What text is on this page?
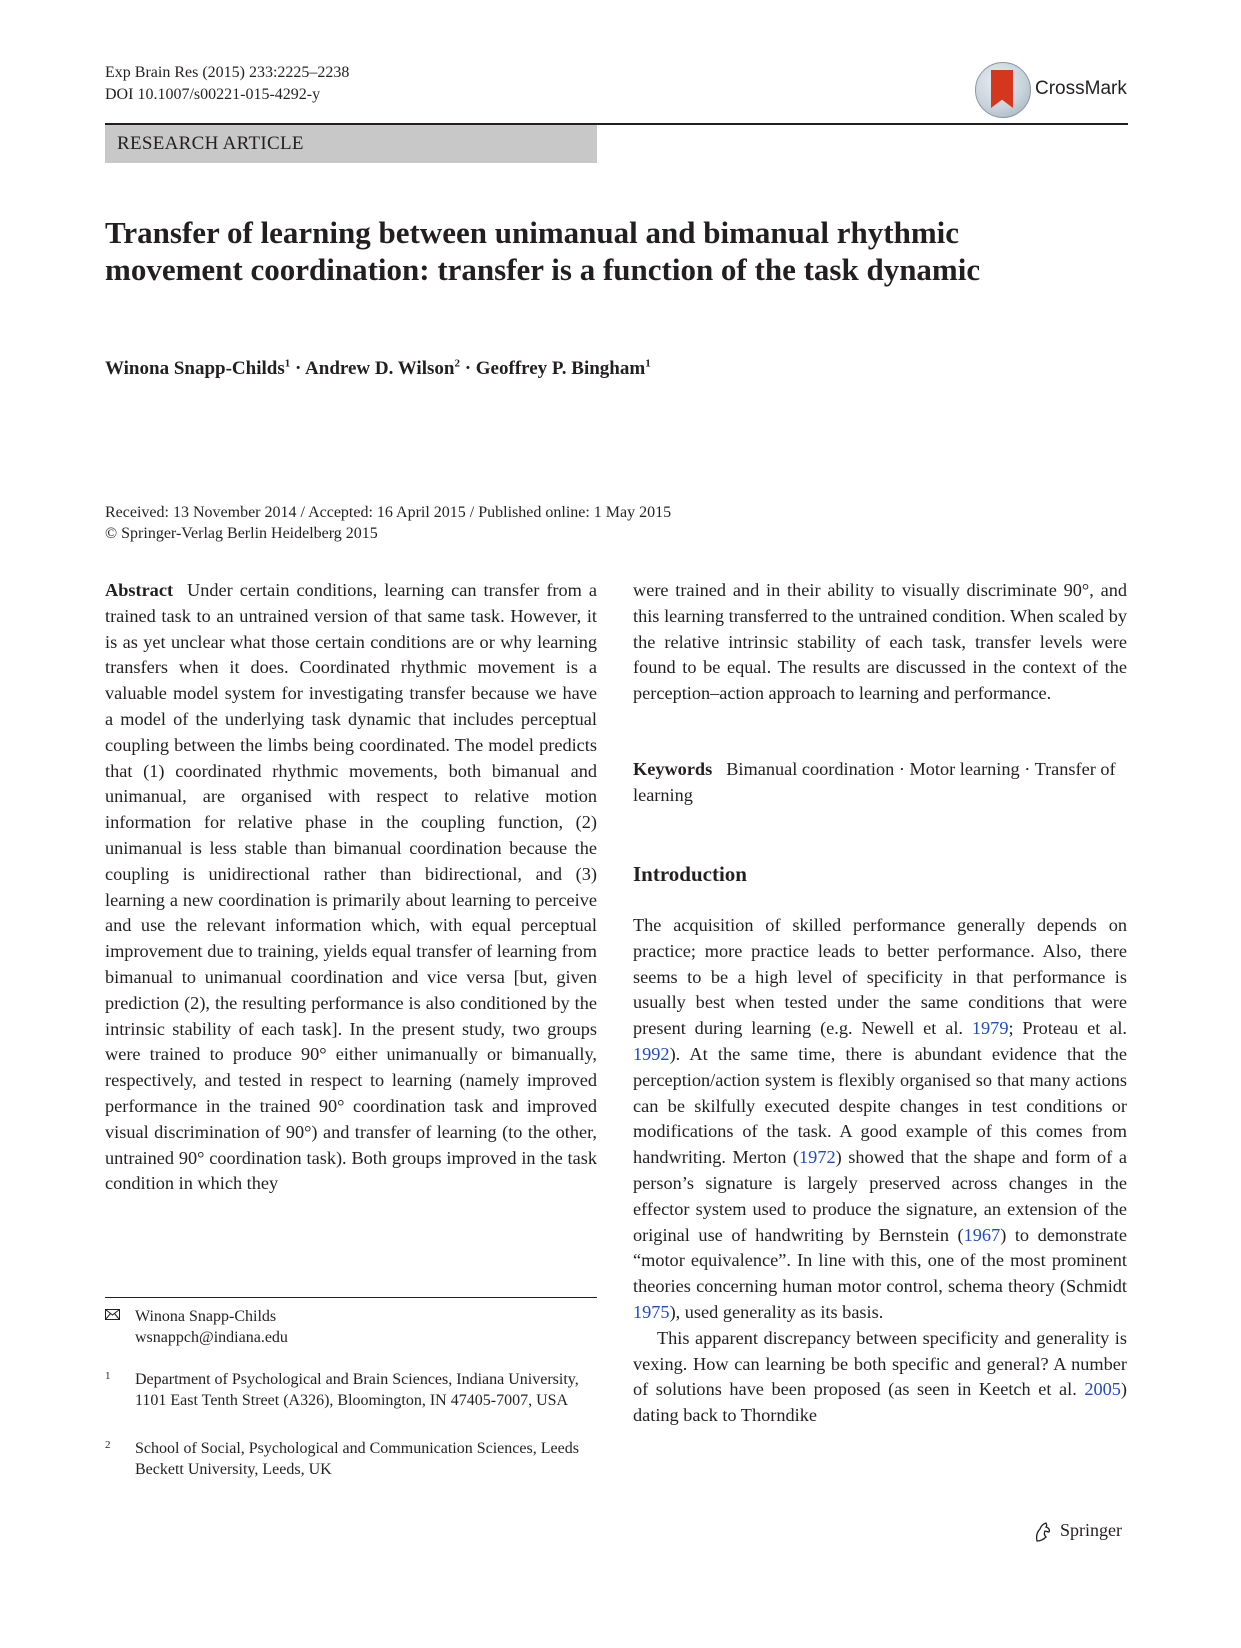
Exp Brain Res (2015) 233:2225–2238
DOI 10.1007/s00221-015-4292-y	CrossMark
RESEARCH ARTICLE
Transfer of learning between unimanual and bimanual rhythmic movement coordination: transfer is a function of the task dynamic
Winona Snapp-Childs$^1$ · Andrew D. Wilson$^2$ · Geoffrey P. Bingham$^1$
Received: 13 November 2014 / Accepted: 16 April 2015 / Published online: 1 May 2015
© Springer-Verlag Berlin Heidelberg 2015

Abstract Under certain conditions, learning can transfer from a trained task to an untrained version of that same task. However, it is as yet unclear what those certain conditions are or why learning transfers when it does. Coordinated rhythmic movement is a valuable model system for investigating transfer because we have a model of the underlying task dynamic that includes perceptual coupling between the limbs being coordinated. The model predicts that (1) coordinated rhythmic movements, both bimanual and unimanual, are organised with respect to relative motion information for relative phase in the coupling function, (2) unimanual is less stable than bimanual coordination because the coupling is unidirectional rather than bidirectional, and (3) learning a new coordination is primarily about learning to perceive and use the relevant information which, with equal perceptual improvement due to training, yields equal transfer of learning from bimanual to unimanual coordination and vice versa [but, given prediction (2), the resulting performance is also conditioned by the intrinsic stability of each task]. In the present study, two groups were trained to produce 90° either unimanually or bimanually, respectively, and tested in respect to learning (namely improved performance in the trained 90° coordination task and improved visual discrimination of 90°) and transfer of learning (to the other, untrained 90° coordination task). Both groups improved in the task condition in which they

were trained and in their ability to visually discriminate 90°, and this learning transferred to the untrained condition. When scaled by the relative intrinsic stability of each task, transfer levels were found to be equal. The results are discussed in the context of the perception–action approach to learning and performance.

Keywords Bimanual coordination · Motor learning · Transfer of learning
Introduction

The acquisition of skilled performance generally depends on practice; more practice leads to better performance. Also, there seems to be a high level of specificity in that performance is usually best when tested under the same conditions that were present during learning (e.g. Newell et al. 1979; Proteau et al. 1992). At the same time, there is abundant evidence that the perception/action system is flexibly organised so that many actions can be skilfully executed despite changes in test conditions or modifications of the task. A good example of this comes from handwriting. Merton (1972) showed that the shape and form of a person’s signature is largely preserved across changes in the effector system used to produce the signature, an extension of the original use of handwriting by Bernstein (1967) to demonstrate “motor equivalence”. In line with this, one of the most prominent theories concerning human motor control, schema theory (Schmidt 1975), used generality as its basis.

This apparent discrepancy between specificity and generality is vexing. How can learning be both specific and general? A number of solutions have been proposed (as seen in Keetch et al. 2005) dating back to Thorndike

Winona Snapp-Childs
wsnappch@indiana.edu
1 Department of Psychological and Brain Sciences, Indiana University, 1101 East Tenth Street (A326), Bloomington, IN 47405-7007, USA
2 School of Social, Psychological and Communication Sciences, Leeds Beckett University, Leeds, UK
Springer
